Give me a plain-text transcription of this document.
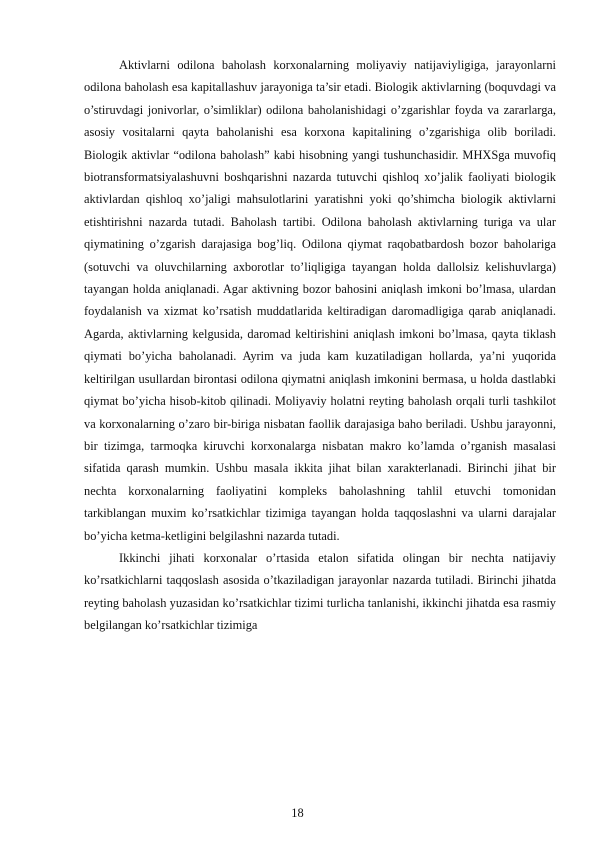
Aktivlarni odilona baholash korxonalarning moliyaviy natijaviyligiga, jarayonlarni odilona baholash esa kapitallashuv jarayoniga ta’sir etadi. Biologik aktivlarning (boquvdagi va o’stiruvdagi jonivorlar, o’simliklar) odilona baholanishidagi o’zgarishlar foyda va zararlarga, asosiy vositalarni qayta baholanishi esa korxona kapitalining o’zgarishiga olib boriladi. Biologik aktivlar “odilona baholash” kabi hisobning yangi tushunchasidir. MHXSga muvofiq biotransformatsiyalashuvni boshqarishni nazarda tutuvchi qishloq xo’jalik faoliyati biologik aktivlardan qishloq xo’jaligi mahsulotlarini yaratishni yoki qo’shimcha biologik aktivlarni etishtirishni nazarda tutadi. Baholash tartibi. Odilona baholash aktivlarning turiga va ular qiymatining o’zgarish darajasiga bog’liq. Odilona qiymat raqobatbardosh bozor baholariga (sotuvchi va oluvchilarning axborotlar to’liqligiga tayangan holda dallolsiz kelishuvlarga) tayangan holda aniqlanadi. Agar aktivning bozor bahosini aniqlash imkoni bo’lmasa, ulardan foydalanish va xizmat ko’rsatish muddatlarida keltiradigan daromadligiga qarab aniqlanadi. Agarda, aktivlarning kelgusida, daromad keltirishini aniqlash imkoni bo’lmasa, qayta tiklash qiymati bo’yicha baholanadi. Ayrim va juda kam kuzatiladigan hollarda, ya’ni yuqorida keltirilgan usullardan birontasi odilona qiymatni aniqlash imkonini bermasa, u holda dastlabki qiymat bo’yicha hisob-kitob qilinadi. Moliyaviy holatni reyting baholash orqali turli tashkilot va korxonalarning o’zaro bir-biriga nisbatan faollik darajasiga baho beriladi. Ushbu jarayonni, bir tizimga, tarmoqka kiruvchi korxonalarga nisbatan makro ko’lamda o’rganish masalasi sifatida qarash mumkin. Ushbu masala ikkita jihat bilan xarakterlanadi. Birinchi jihat bir nechta korxonalarning faoliyatini kompleks baholashning tahlil etuvchi tomonidan tarkiblangan muxim ko’rsatkichlar tizimiga tayangan holda taqqoslashni va ularni darajalar bo’yicha ketma-ketligini belgilashni nazarda tutadi.

Ikkinchi jihati korxonalar o’rtasida etalon sifatida olingan bir nechta natijaviy ko’rsatkichlarni taqqoslash asosida o’tkaziladigan jarayonlar nazarda tutiladi. Birinchi jihatda reyting baholash yuzasidan ko’rsatkichlar tizimi turlicha tanlanishi, ikkinchi jihatda esa rasmiy belgilangan ko’rsatkichlar tizimiga

18
